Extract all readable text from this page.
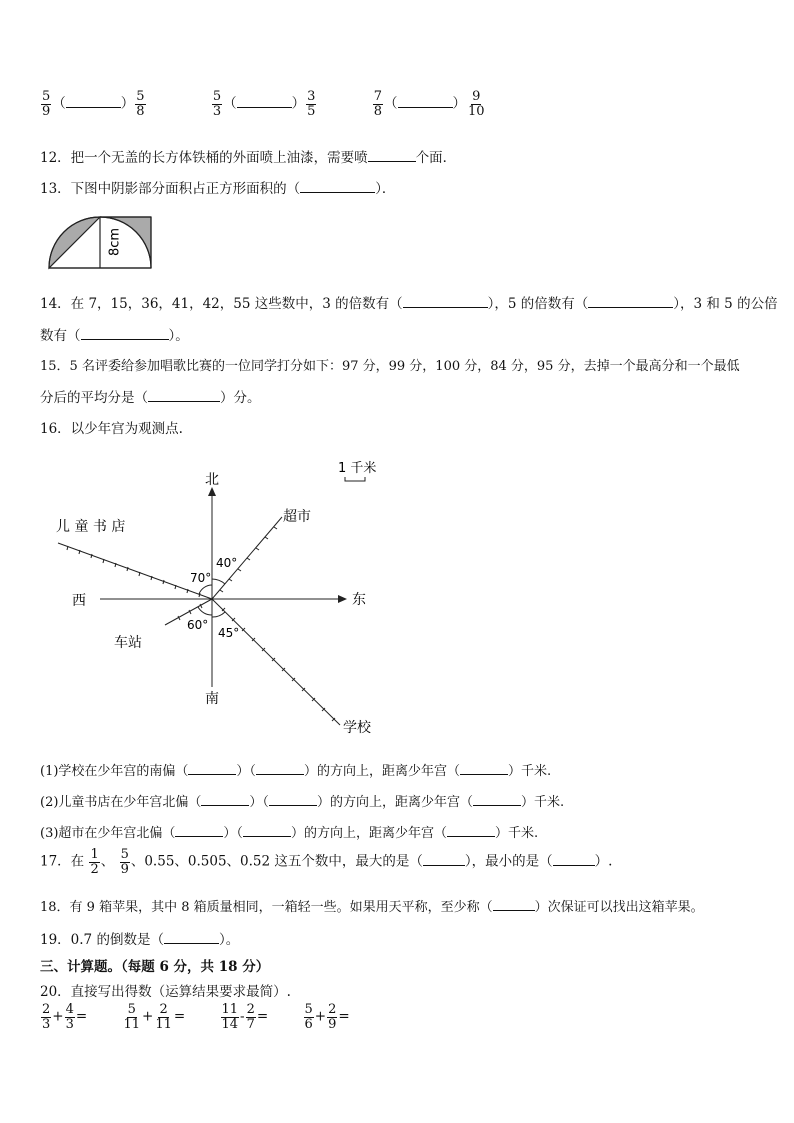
$\frac{5}{9}$ （	） $\frac{5}{8}$
	$\frac{5}{3}$ （	） $\frac{3}{5}$
	$\frac{7}{8}$ （	） $\frac{9}{10}$
12．把一个无盖的长方体铁桶的外面喷上油漆，需要喷	个面．
13．下图中阴影部分面积占正方形面积的（	）．
8cm
14．在 7，15，36，41，42，55 这些数中，3 的倍数有（	），5 的倍数有（	），3 和 5 的公倍
数有（	）。
15．5 名评委给参加唱歌比赛的一位同学打分如下：97 分，99 分，100 分，84 分，95 分，去掉一个最高分和一个最低
分后的平均分是（	）分。
16．以少年宫为观测点.
北
南
东
西
儿 童 书 店
超市
车站
学校
40°
70°
60°
45°
1 千米
(1)学校在少年宫的南偏（	）（	）的方向上，距离少年宫（	）千米.
(2)儿童书店在少年宫北偏（	）（	）的方向上，距离少年宫（	）千米.
(3)超市在少年宫北偏（	）（	）的方向上，距离少年宫（	）千米.
17．在 $\frac{1}{2}$ 、 $\frac{5}{9}$ 、0.55、0.505、0.52 这五个数中，最大的是（	），最小的是（	）.
18．有 9 箱苹果，其中 8 箱质量相同，一箱轻一些。如果用天平称，至少称（	）次保证可以找出这箱苹果。
19．0.7 的倒数是（	）。
三、计算题。（每题 6 分，共 18 分）
20．直接写出得数（运算结果要求最简）.
$\frac{2}{3} + \frac{4}{3}$ =	$\frac{5}{11} + \frac{2}{11}$ =	$\frac{11}{14} - \frac{2}{7}$ =	$\frac{5}{6} + \frac{2}{9}$ =
